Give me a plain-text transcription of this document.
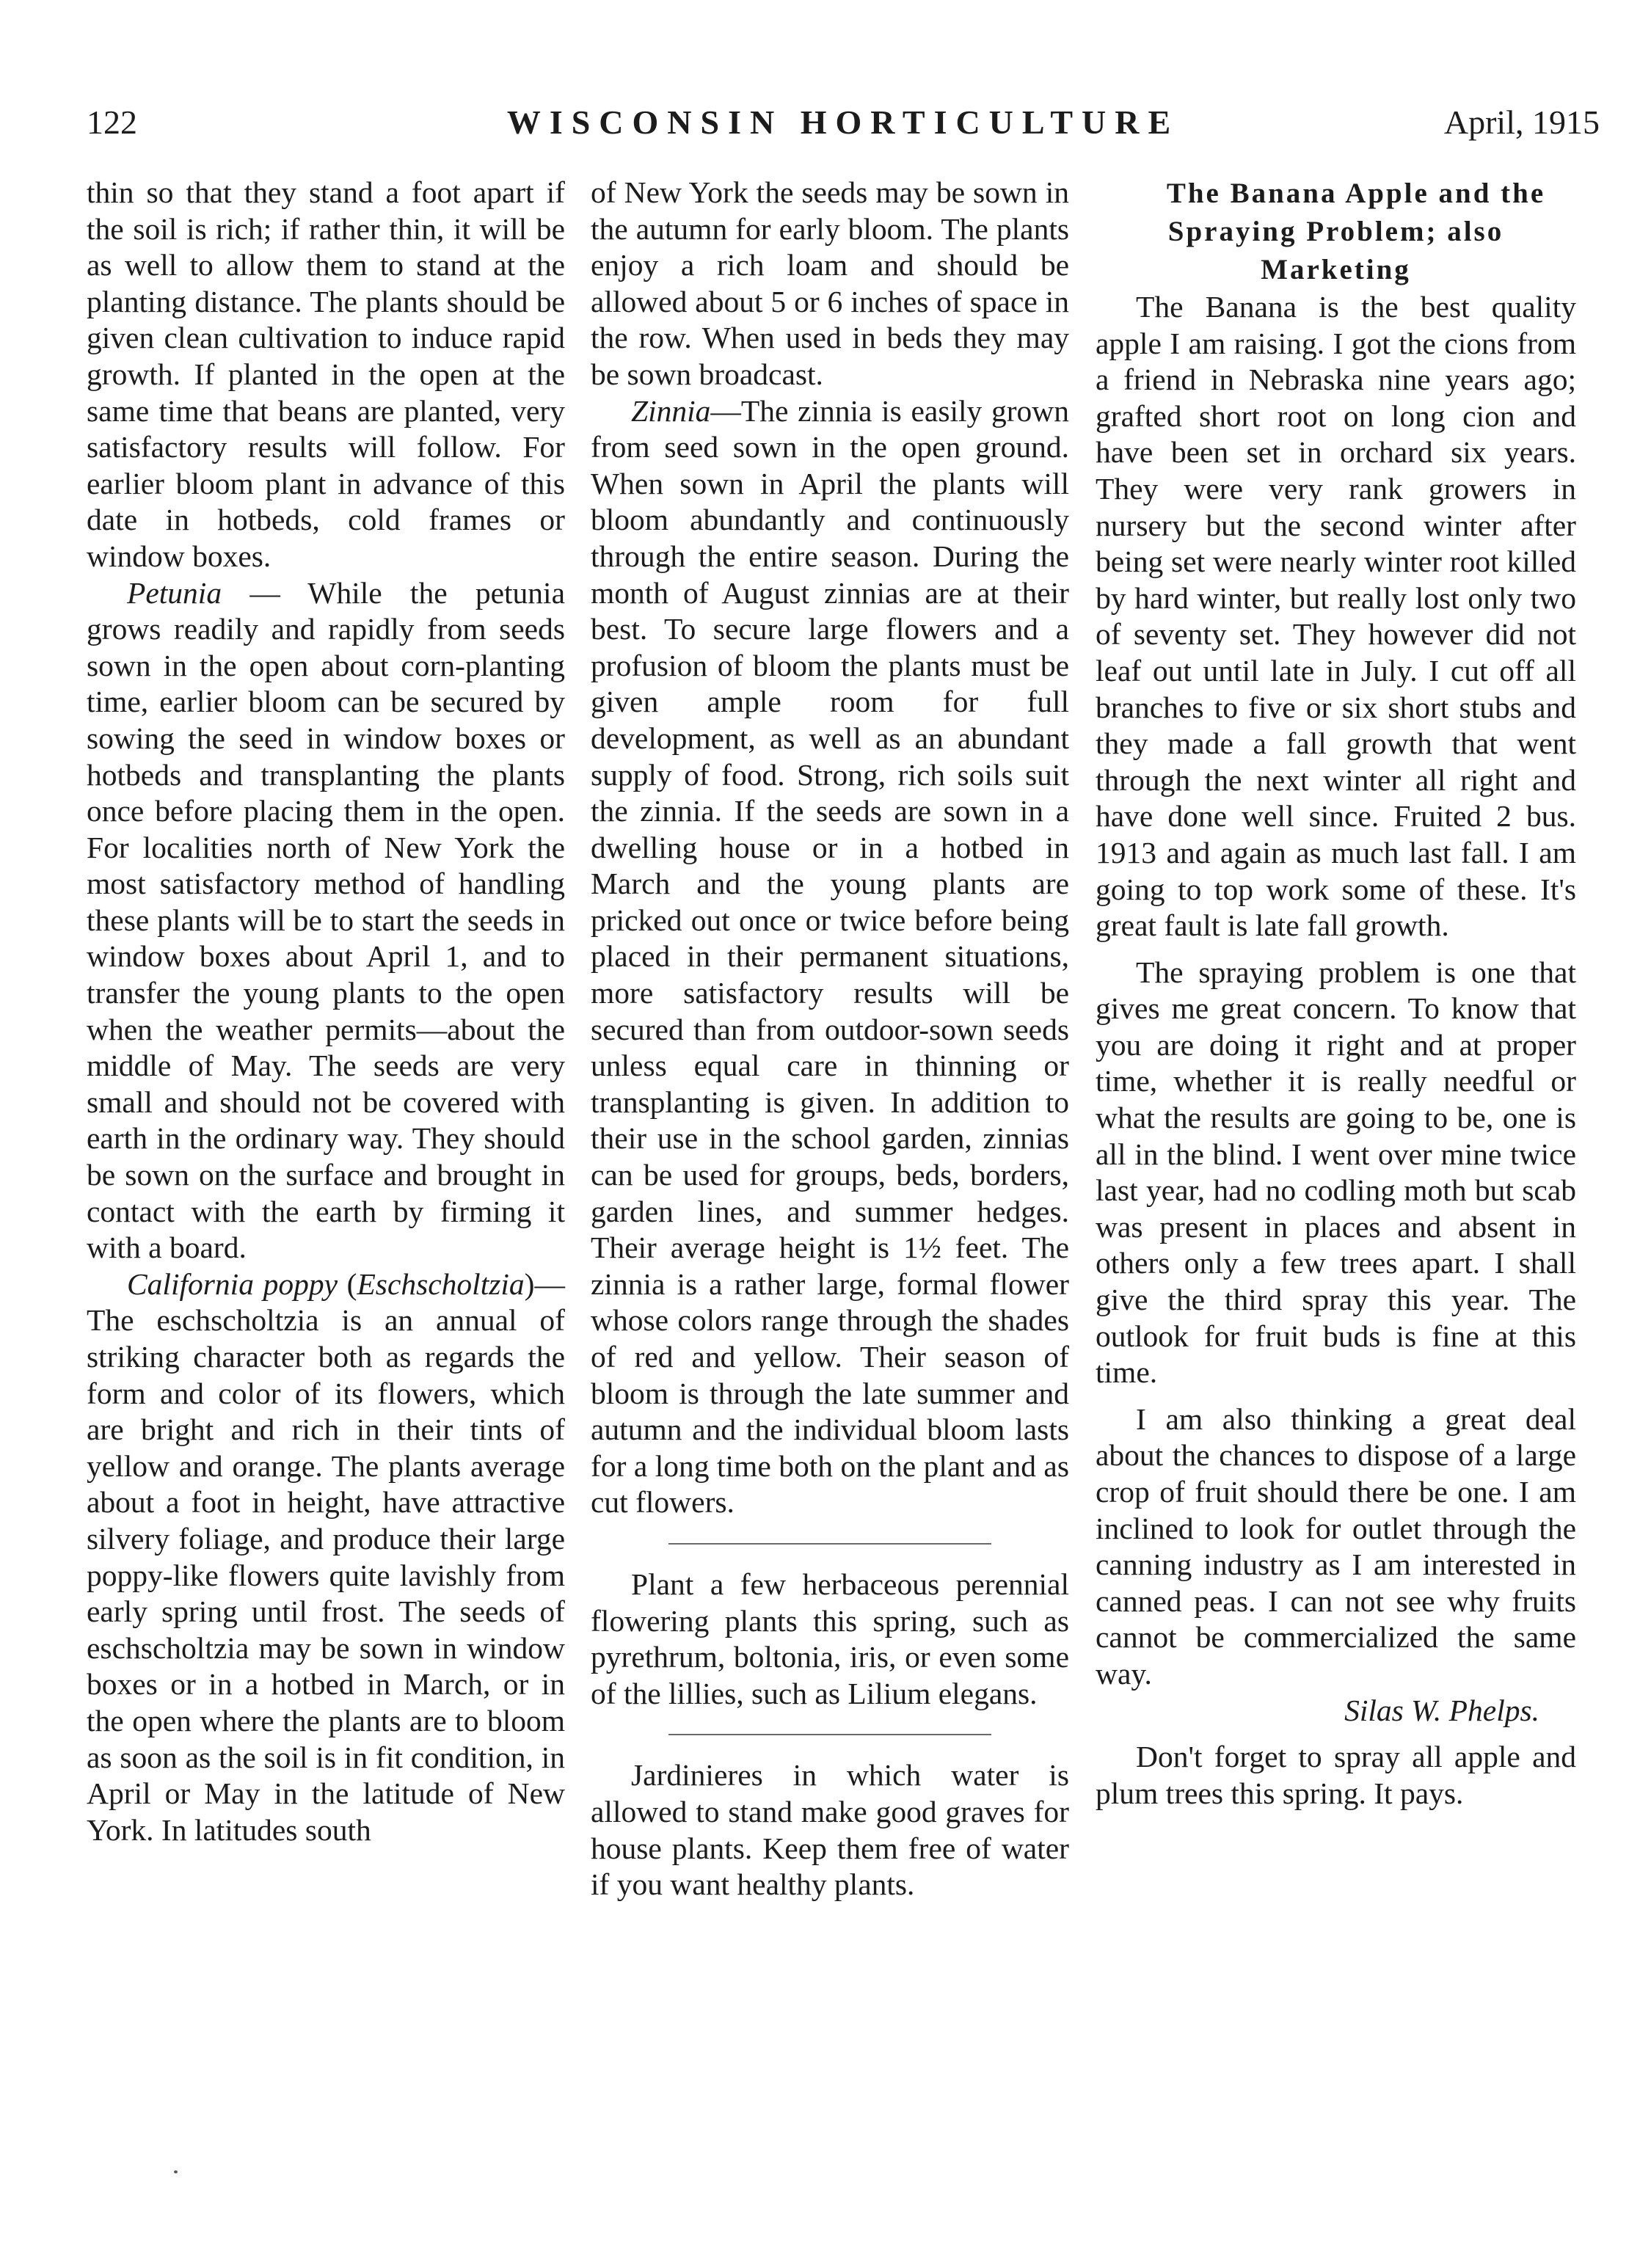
122	WISCONSIN HORTICULTURE	April, 1915

thin so that they stand a foot apart if the soil is rich; if rather thin, it will be as well to allow them to stand at the planting distance. The plants should be given clean cultivation to induce rapid growth. If planted in the open at the same time that beans are planted, very satisfactory results will follow. For earlier bloom plant in advance of this date in hotbeds, cold frames or window boxes.

Petunia — While the petunia grows readily and rapidly from seeds sown in the open about corn-planting time, earlier bloom can be secured by sowing the seed in window boxes or hotbeds and transplanting the plants once before placing them in the open. For localities north of New York the most satisfactory method of handling these plants will be to start the seeds in window boxes about April 1, and to transfer the young plants to the open when the weather permits—about the middle of May. The seeds are very small and should not be covered with earth in the ordinary way. They should be sown on the surface and brought in contact with the earth by firming it with a board.

California poppy (Eschscholtzia)—The eschscholtzia is an annual of striking character both as regards the form and color of its flowers, which are bright and rich in their tints of yellow and orange. The plants average about a foot in height, have attractive silvery foliage, and produce their large poppy-like flowers quite lavishly from early spring until frost. The seeds of eschscholtzia may be sown in window boxes or in a hotbed in March, or in the open where the plants are to bloom as soon as the soil is in fit condition, in April or May in the latitude of New York. In latitudes south

of New York the seeds may be sown in the autumn for early bloom. The plants enjoy a rich loam and should be allowed about 5 or 6 inches of space in the row. When used in beds they may be sown broadcast.

Zinnia—The zinnia is easily grown from seed sown in the open ground. When sown in April the plants will bloom abundantly and continuously through the entire season. During the month of August zinnias are at their best. To secure large flowers and a profusion of bloom the plants must be given ample room for full development, as well as an abundant supply of food. Strong, rich soils suit the zinnia. If the seeds are sown in a dwelling house or in a hotbed in March and the young plants are pricked out once or twice before being placed in their permanent situations, more satisfactory results will be secured than from outdoor-sown seeds unless equal care in thinning or transplanting is given. In addition to their use in the school garden, zinnias can be used for groups, beds, borders, garden lines, and summer hedges. Their average height is 1½ feet. The zinnia is a rather large, formal flower whose colors range through the shades of red and yellow. Their season of bloom is through the late summer and autumn and the individual bloom lasts for a long time both on the plant and as cut flowers.

Plant a few herbaceous perennial flowering plants this spring, such as pyrethrum, boltonia, iris, or even some of the lillies, such as Lilium elegans.

Jardinieres in which water is allowed to stand make good graves for house plants. Keep them free of water if you want healthy plants.

The Banana Apple and the Spraying Problem; also Marketing

The Banana is the best quality apple I am raising. I got the cions from a friend in Nebraska nine years ago; grafted short root on long cion and have been set in orchard six years. They were very rank growers in nursery but the second winter after being set were nearly winter root killed by hard winter, but really lost only two of seventy set. They however did not leaf out until late in July. I cut off all branches to five or six short stubs and they made a fall growth that went through the next winter all right and have done well since. Fruited 2 bus. 1913 and again as much last fall. I am going to top work some of these. It's great fault is late fall growth.

The spraying problem is one that gives me great concern. To know that you are doing it right and at proper time, whether it is really needful or what the results are going to be, one is all in the blind. I went over mine twice last year, had no codling moth but scab was present in places and absent in others only a few trees apart. I shall give the third spray this year. The outlook for fruit buds is fine at this time.

I am also thinking a great deal about the chances to dispose of a large crop of fruit should there be one. I am inclined to look for outlet through the canning industry as I am interested in canned peas. I can not see why fruits cannot be commercialized the same way.

Silas W. Phelps.

Don't forget to spray all apple and plum trees this spring. It pays.
